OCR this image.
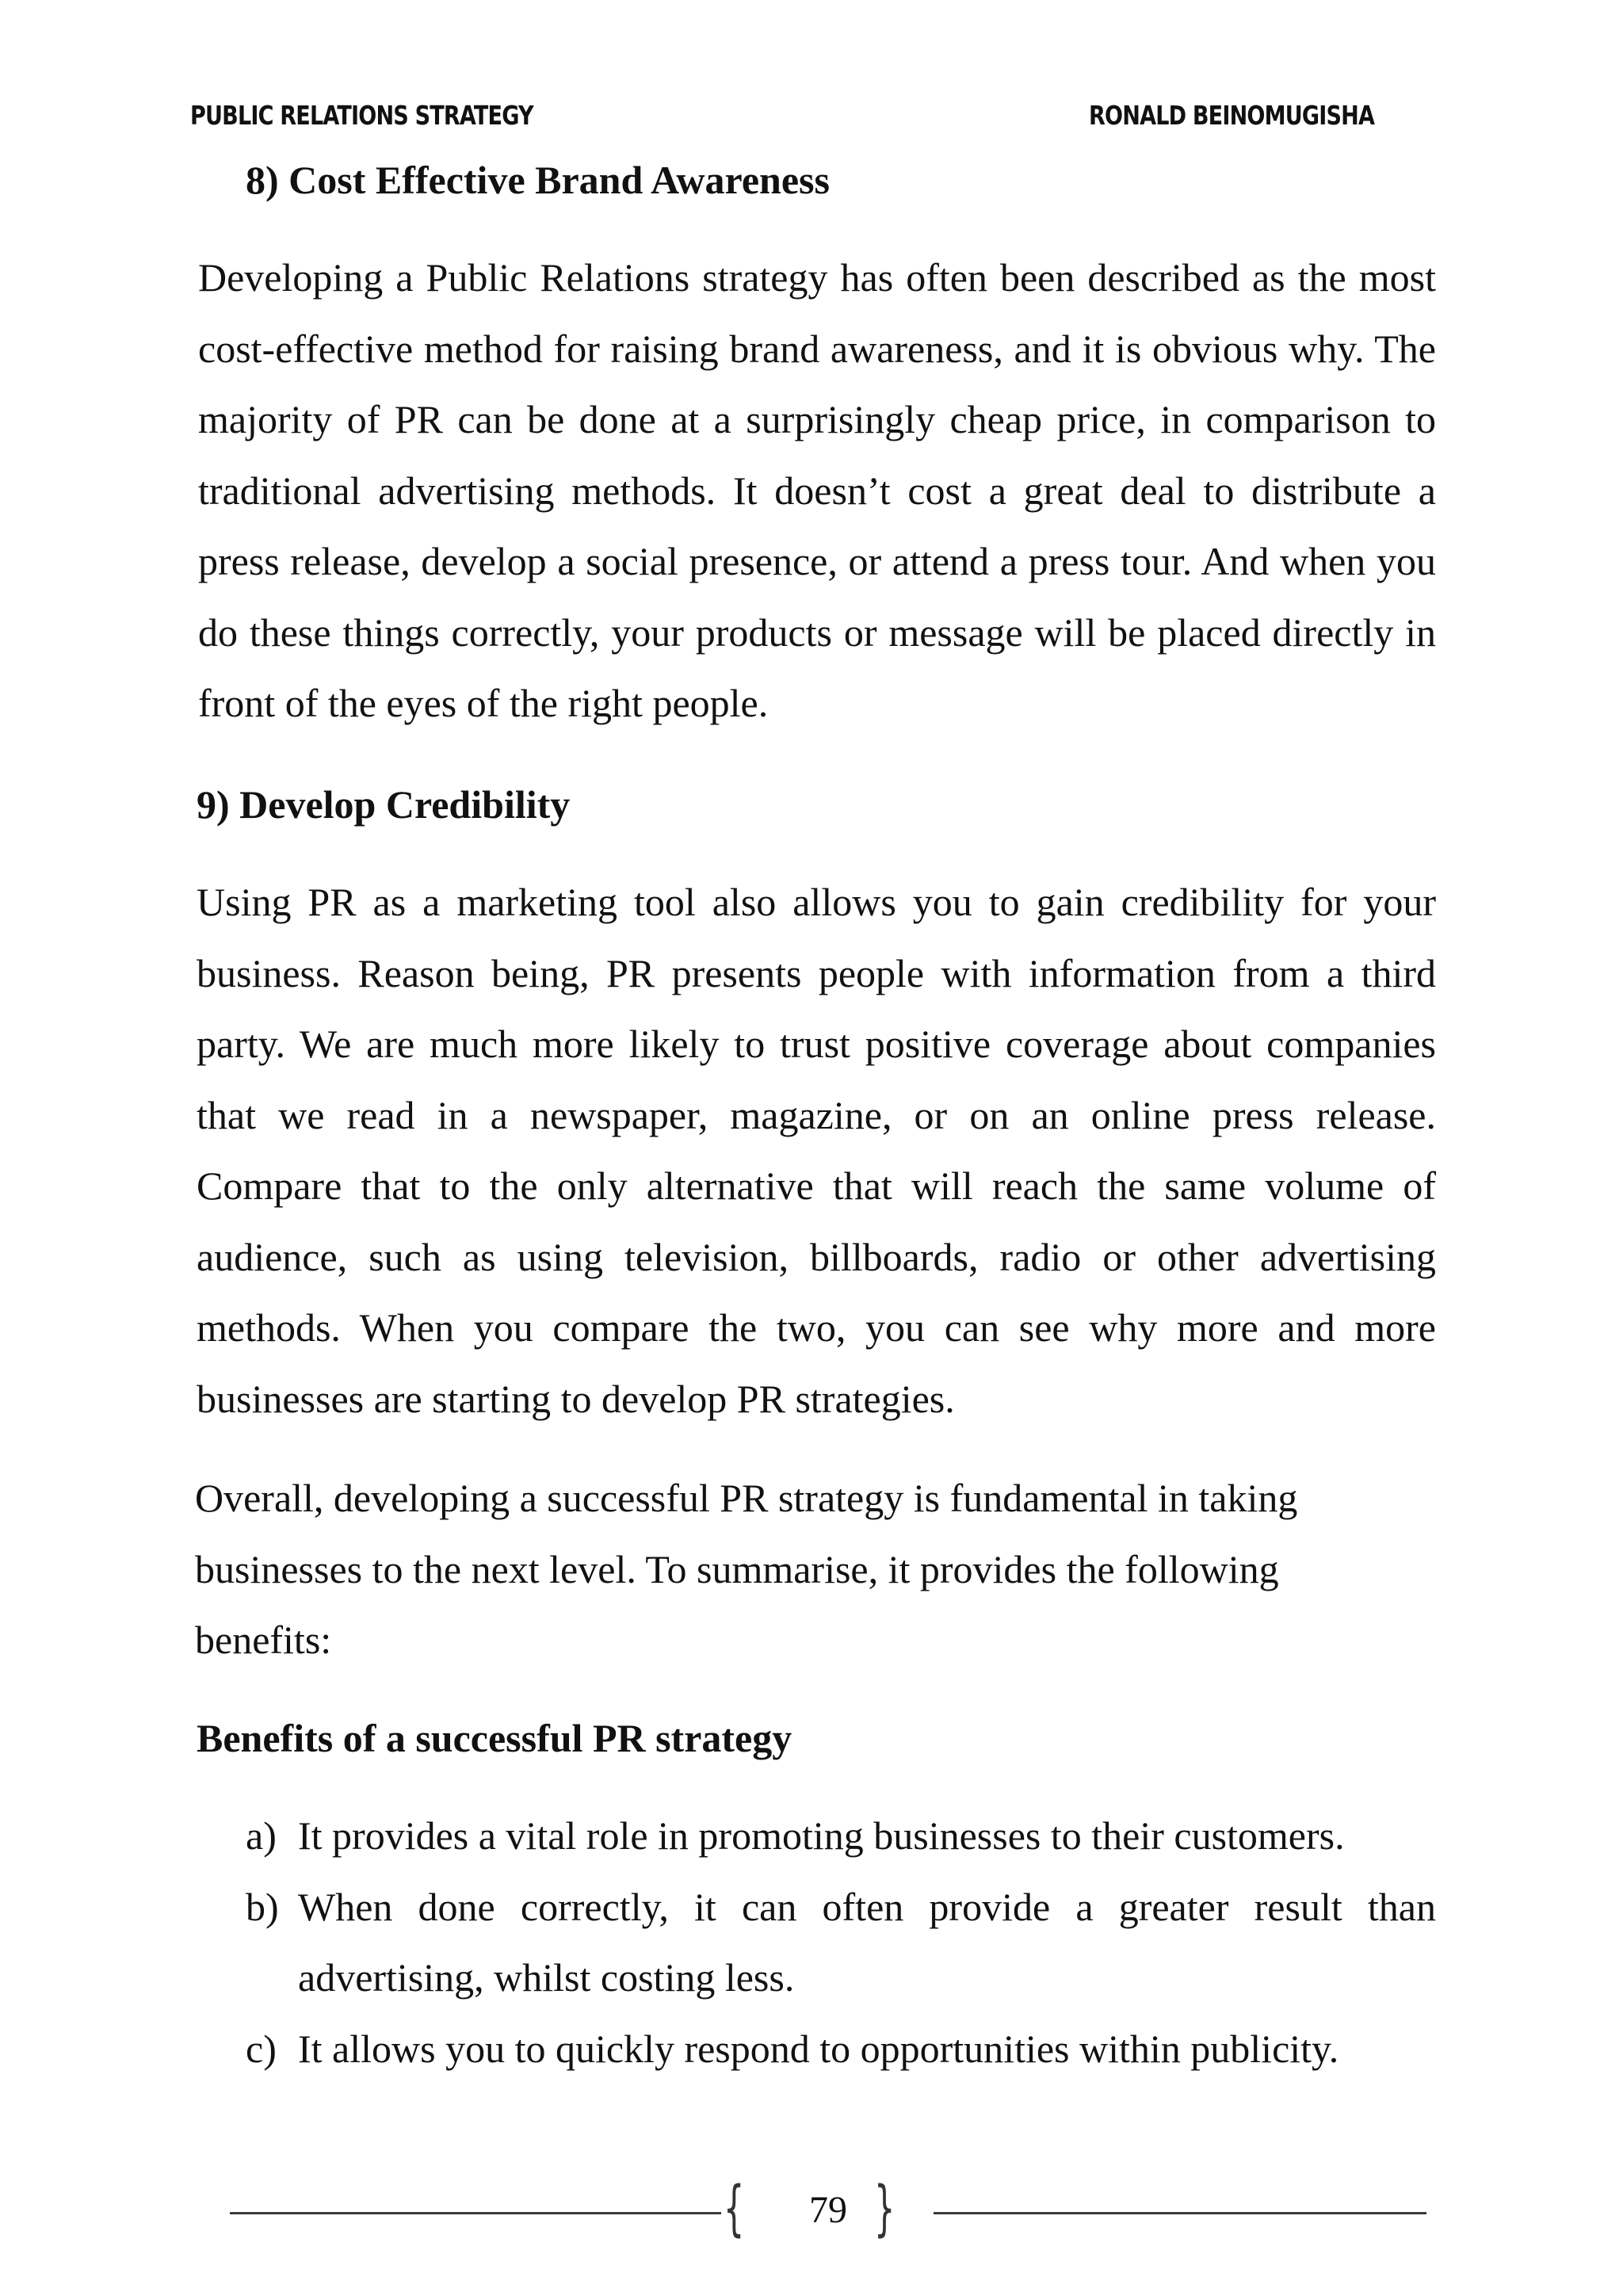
PUBLIC RELATIONS STRATEGY	RONALD BEINOMUGISHA
8) Cost Effective Brand Awareness

Developing a Public Relations strategy has often been described as the most cost-effective method for raising brand awareness, and it is obvious why. The majority of PR can be done at a surprisingly cheap price, in comparison to traditional advertising methods. It doesn’t cost a great deal to distribute a press release, develop a social presence, or attend a press tour. And when you do these things correctly, your products or message will be placed directly in front of the eyes of the right people.

9) Develop Credibility

Using PR as a marketing tool also allows you to gain credibility for your business. Reason being, PR presents people with information from a third party. We are much more likely to trust positive coverage about companies that we read in a newspaper, magazine, or on an online press release. Compare that to the only alternative that will reach the same volume of audience, such as using television, billboards, radio or other advertising methods. When you compare the two, you can see why more and more businesses are starting to develop PR strategies.

Overall, developing a successful PR strategy is fundamental in taking
businesses to the next level. To summarise, it provides the following
benefits:
Benefits of a successful PR strategy
a) It provides a vital role in promoting businesses to their customers.
b) When done correctly, it can often provide a greater result than advertising, whilst costing less.
c) It allows you to quickly respond to opportunities within publicity.
{	79 }
